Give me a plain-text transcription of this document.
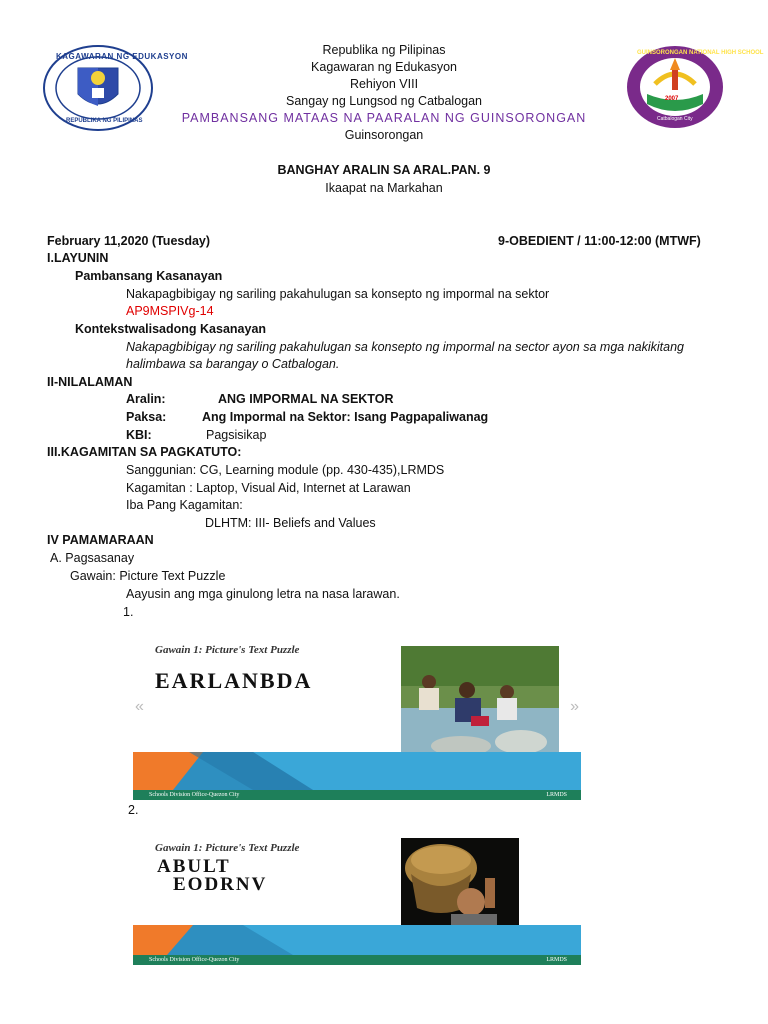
KAGAWARAN NG EDUKASYON
REPUBLIKA NG PILIPINAS
2007
GUINSORONGAN NATIONAL HIGH SCHOOL
Catbalogan City
Republika ng Pilipinas
Kagawaran ng Edukasyon
Rehiyon VIII
Sangay ng Lungsod ng Catbalogan
PAMBANSANG MATAAS NA PAARALAN NG GUINSORONGAN
Guinsorongan
BANGHAY ARALIN SA ARAL.PAN. 9
Ikaapat na Markahan
February 11,2020 (Tuesday)	9-OBEDIENT / 11:00-12:00 (MTWF)
I.LAYUNIN
Pambansang Kasanayan
Nakapagbibigay ng sariling pakahulugan sa konsepto ng impormal na sektor
AP9MSPIVg-14
Kontekstwalisadong Kasanayan
Nakapagbibigay ng sariling pakahulugan sa konsepto ng impormal na sector ayon sa mga nakikitang
halimbawa sa barangay o Catbalogan.
II-NILALAMAN
Aralin:	ANG IMPORMAL NA SEKTOR
Paksa:	Ang Impormal na Sektor: Isang Pagpapaliwanag
KBI:	Pagsisikap
III.KAGAMITAN SA PAGKATUTO:
Sanggunian: CG, Learning module (pp. 430-435),LRMDS
Kagamitan : Laptop, Visual Aid, Internet at Larawan
Iba Pang Kagamitan:
DLHTM: III- Beliefs and Values
IV PAMAMARAAN
A. Pagsasanay
Gawain: Picture Text Puzzle
Aayusin ang mga ginulong letra na nasa larawan.
1.
Gawain 1: Picture's Text Puzzle
EARLANBDA
«	»
Schools Division Office-Quezon City	LRMDS
2.
Gawain 1: Picture's Text Puzzle
ABULT
EODRNV
Schools Division Office-Quezon City	LRMDS
